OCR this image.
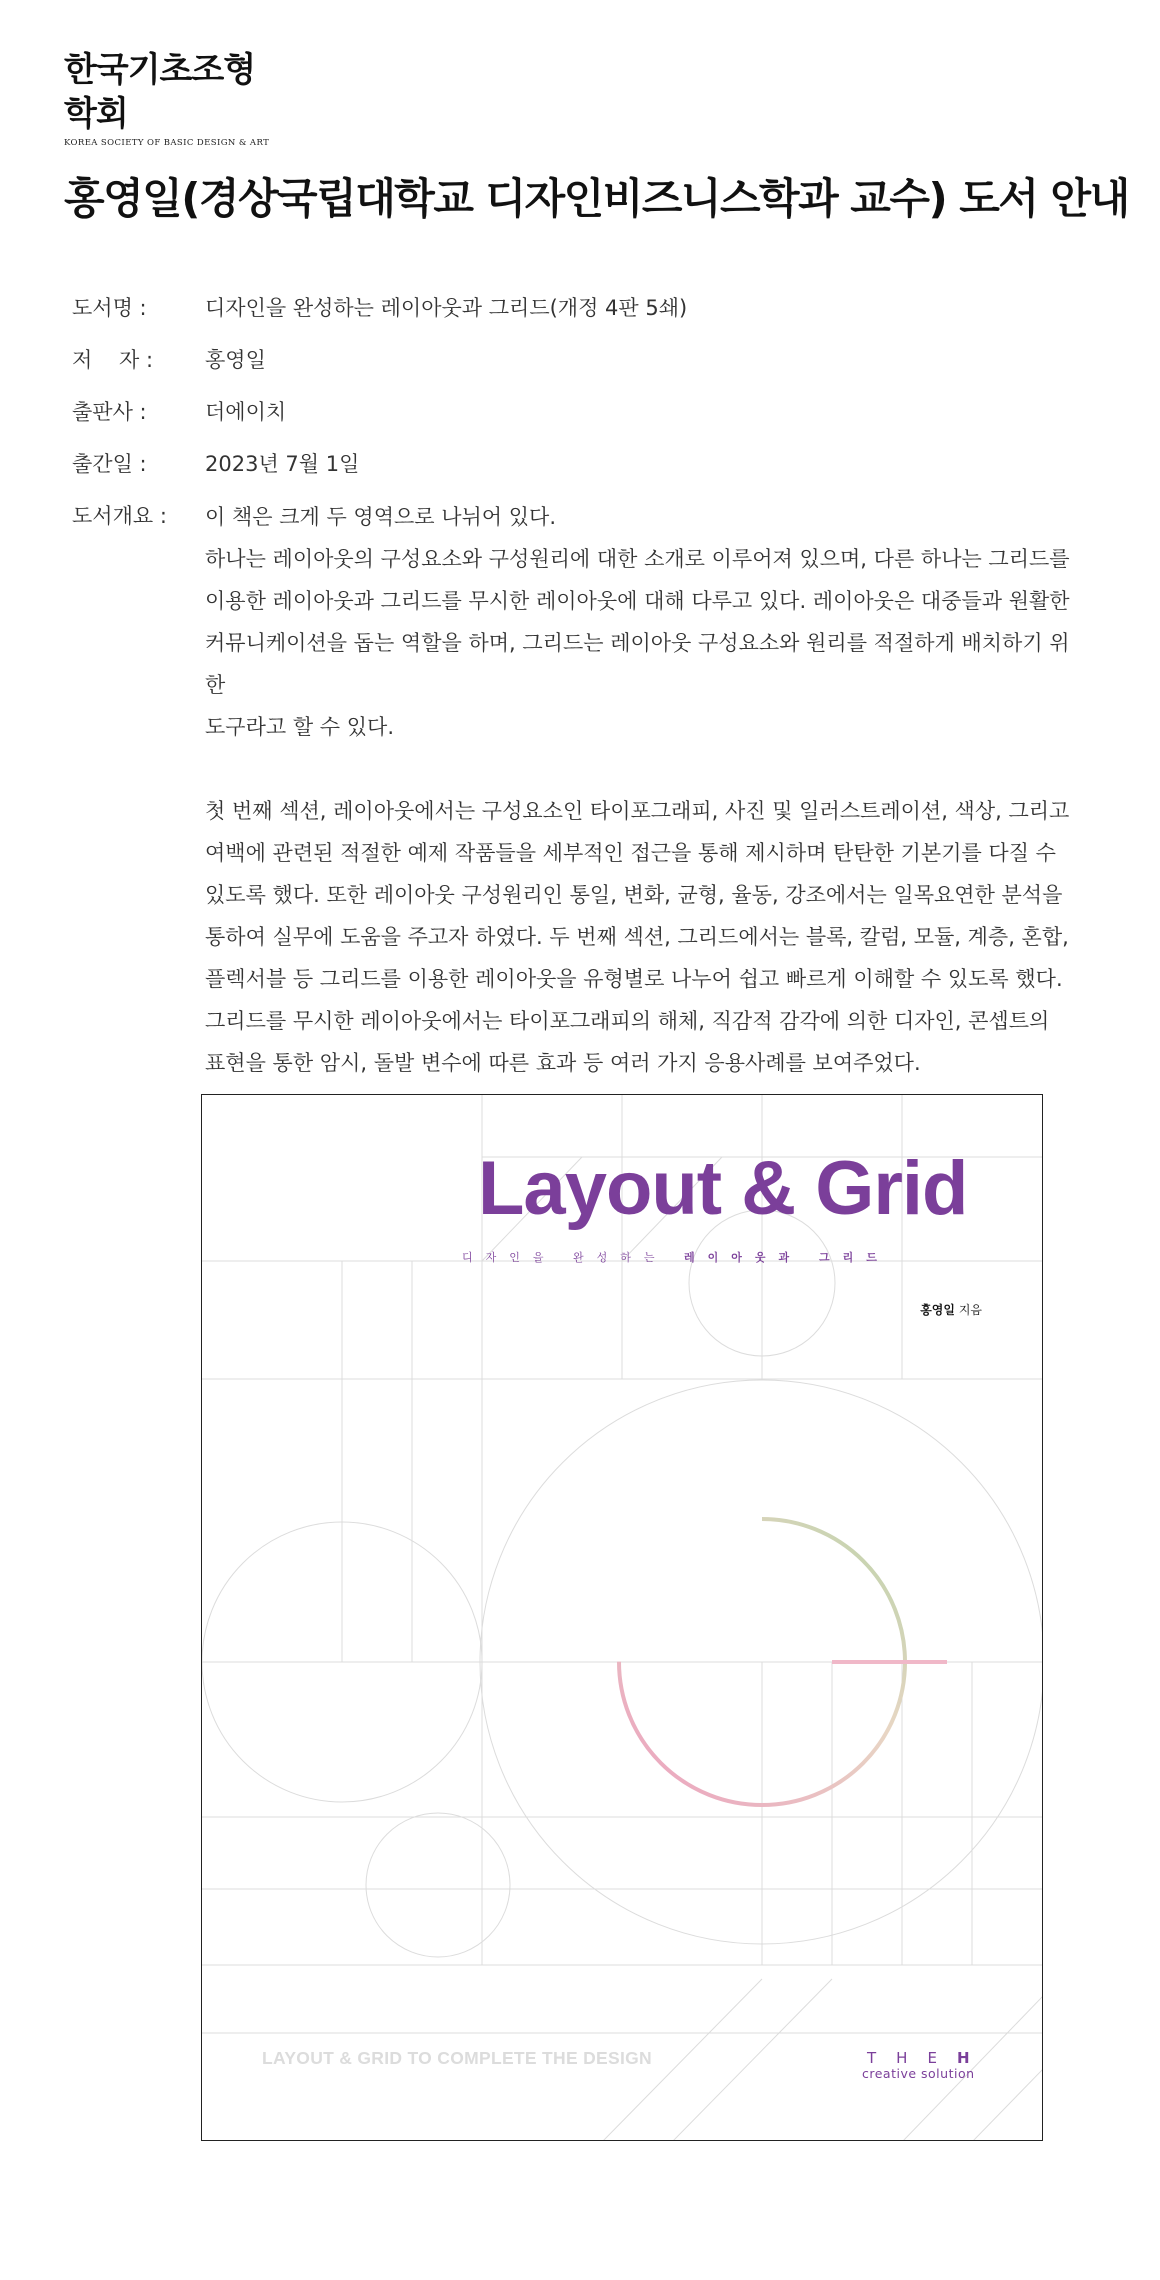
한국기초조형학회
KOREA SOCIETY OF BASIC DESIGN & ART
홍영일(경상국립대학교 디자인비즈니스학과 교수) 도서 안내
도서명 :	디자인을 완성하는 레이아웃과 그리드(개정 4판 5쇄)
저    자 :	홍영일
출판사 :	더에이치
출간일 :	2023년 7월 1일
도서개요 :	이 책은 크게 두 영역으로 나뉘어 있다.

하나는 레이아웃의 구성요소와 구성원리에 대한 소개로 이루어져 있으며, 다른 하나는 그리드를

이용한 레이아웃과 그리드를 무시한 레이아웃에 대해 다루고 있다. 레이아웃은 대중들과 원활한

커뮤니케이션을 돕는 역할을 하며, 그리드는 레이아웃 구성요소와 원리를 적절하게 배치하기 위한

도구라고 할 수 있다.

첫 번째 섹션, 레이아웃에서는 구성요소인 타이포그래피, 사진 및 일러스트레이션, 색상, 그리고

여백에 관련된 적절한 예제 작품들을 세부적인 접근을 통해 제시하며 탄탄한 기본기를 다질 수

있도록 했다. 또한 레이아웃 구성원리인 통일, 변화, 균형, 율동, 강조에서는 일목요연한 분석을

통하여 실무에 도움을 주고자 하였다. 두 번째 섹션, 그리드에서는 블록, 칼럼, 모듈, 계층, 혼합,

플렉서블 등 그리드를 이용한 레이아웃을 유형별로 나누어 쉽고 빠르게 이해할 수 있도록 했다.

그리드를 무시한 레이아웃에서는 타이포그래피의 해체, 직감적 감각에 의한 디자인, 콘셉트의

표현을 통한 암시, 돌발 변수에 따른 효과 등 여러 가지 응용사례를 보여주었다.

Layout & Grid
디자인을 완성하는 레이아웃과 그리드
홍영일 지음
LAYOUT & GRID TO COMPLETE THE DESIGN	THEH
creative solution
